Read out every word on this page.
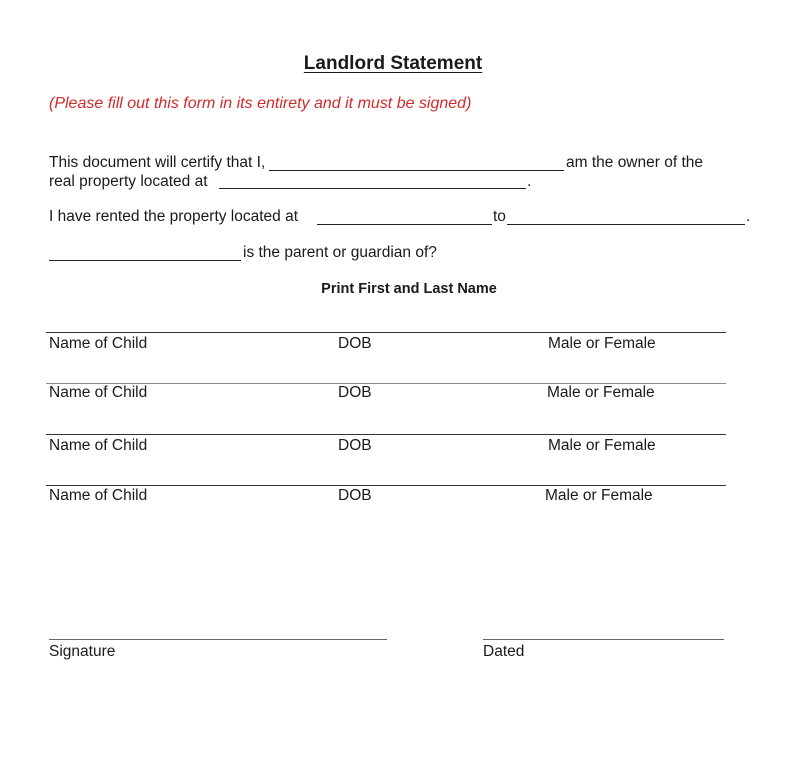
Landlord Statement
(Please fill out this form in its entirety and it must be signed)
This document will certify that I,	am the owner of the
real property located at	.
I have rented the property located at	to	.
is the parent or guardian of?
Print First and Last Name
Name of Child	DOB	Male or Female
Name of Child	DOB	Male or Female
Name of Child	DOB	Male or Female
Name of Child	DOB	Male or Female
Signature	Dated
